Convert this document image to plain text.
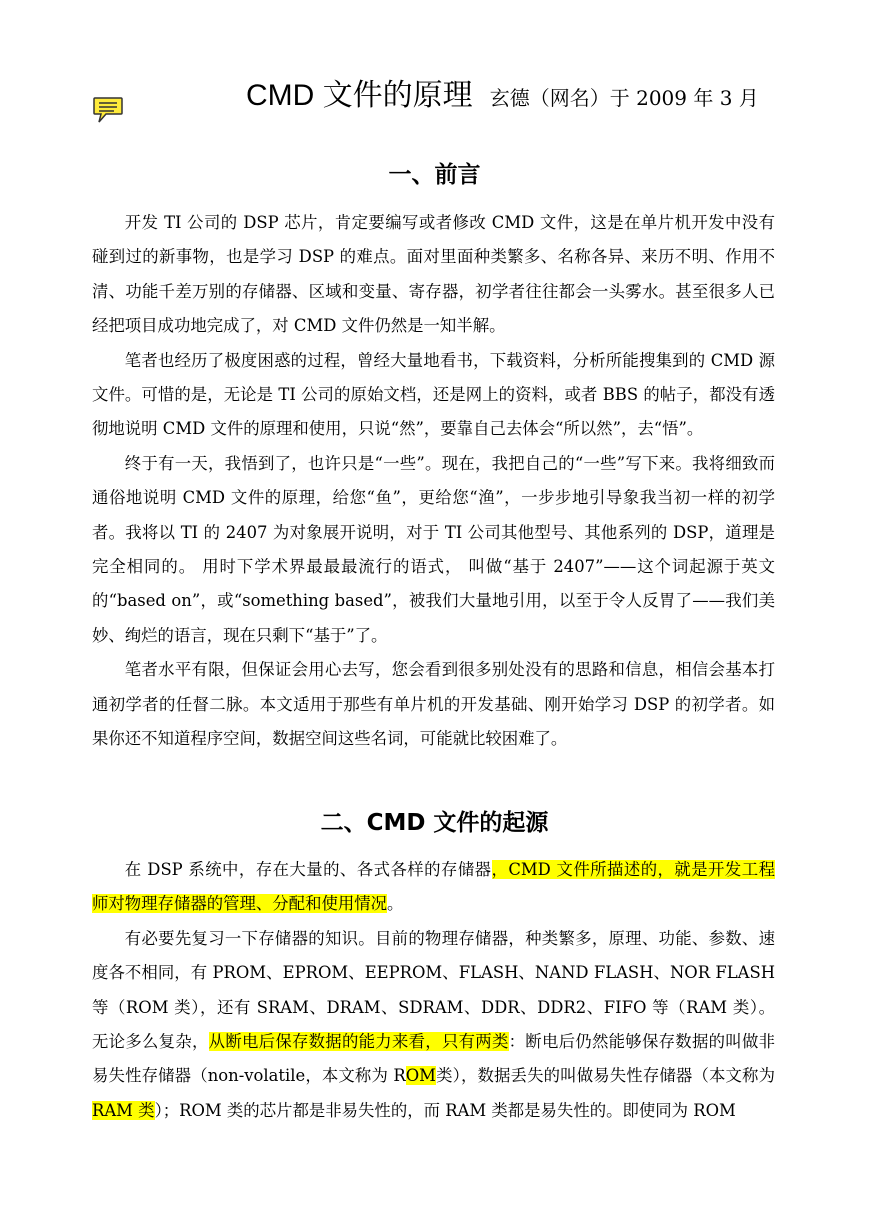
CMD 文件的原理 玄德（网名）于 2009 年 3 月
一、前言

开发 TI 公司的 DSP 芯片，肯定要编写或者修改 CMD 文件，这是在单片机开发中没有碰到过的新事物，也是学习 DSP 的难点。面对里面种类繁多、名称各异、来历不明、作用不清、功能千差万别的存储器、区域和变量、寄存器，初学者往往都会一头雾水。甚至很多人已经把项目成功地完成了，对 CMD 文件仍然是一知半解。

笔者也经历了极度困惑的过程，曾经大量地看书，下载资料，分析所能搜集到的 CMD 源文件。可惜的是，无论是 TI 公司的原始文档，还是网上的资料，或者 BBS 的帖子，都没有透彻地说明 CMD 文件的原理和使用，只说“然”，要靠自己去体会“所以然”，去“悟”。

终于有一天，我悟到了，也许只是“一些”。现在，我把自己的“一些”写下来。我将细致而通俗地说明 CMD 文件的原理，给您“鱼”，更给您“渔”，一步步地引导象我当初一样的初学者。我将以 TI 的 2407 为对象展开说明，对于 TI 公司其他型号、其他系列的 DSP，道理是完全相同的。 用时下学术界最最最流行的语式， 叫做“基于 2407”——这个词起源于英文的“based on”，或“something based”，被我们大量地引用，以至于令人反胃了——我们美妙、绚烂的语言，现在只剩下“基于”了。

笔者水平有限，但保证会用心去写，您会看到很多别处没有的思路和信息，相信会基本打通初学者的任督二脉。本文适用于那些有单片机的开发基础、刚开始学习 DSP 的初学者。如果你还不知道程序空间，数据空间这些名词，可能就比较困难了。

二、CMD 文件的起源

在 DSP 系统中，存在大量的、各式各样的存储器，CMD 文件所描述的，就是开发工程师对物理存储器的管理、分配和使用情况。

有必要先复习一下存储器的知识。目前的物理存储器，种类繁多，原理、功能、参数、速度各不相同，有 PROM、EPROM、EEPROM、FLASH、NAND FLASH、NOR FLASH 等（ROM 类），还有 SRAM、DRAM、SDRAM、DDR、DDR2、FIFO 等（RAM 类）。无论多么复杂，从断电后保存数据的能力来看，只有两类：断电后仍然能够保存数据的叫做非易失性存储器（non-volatile，本文称为 ROM类），数据丢失的叫做易失性存储器（本文称为RAM 类）；ROM 类的芯片都是非易失性的，而 RAM 类都是易失性的。即使同为 ROM
